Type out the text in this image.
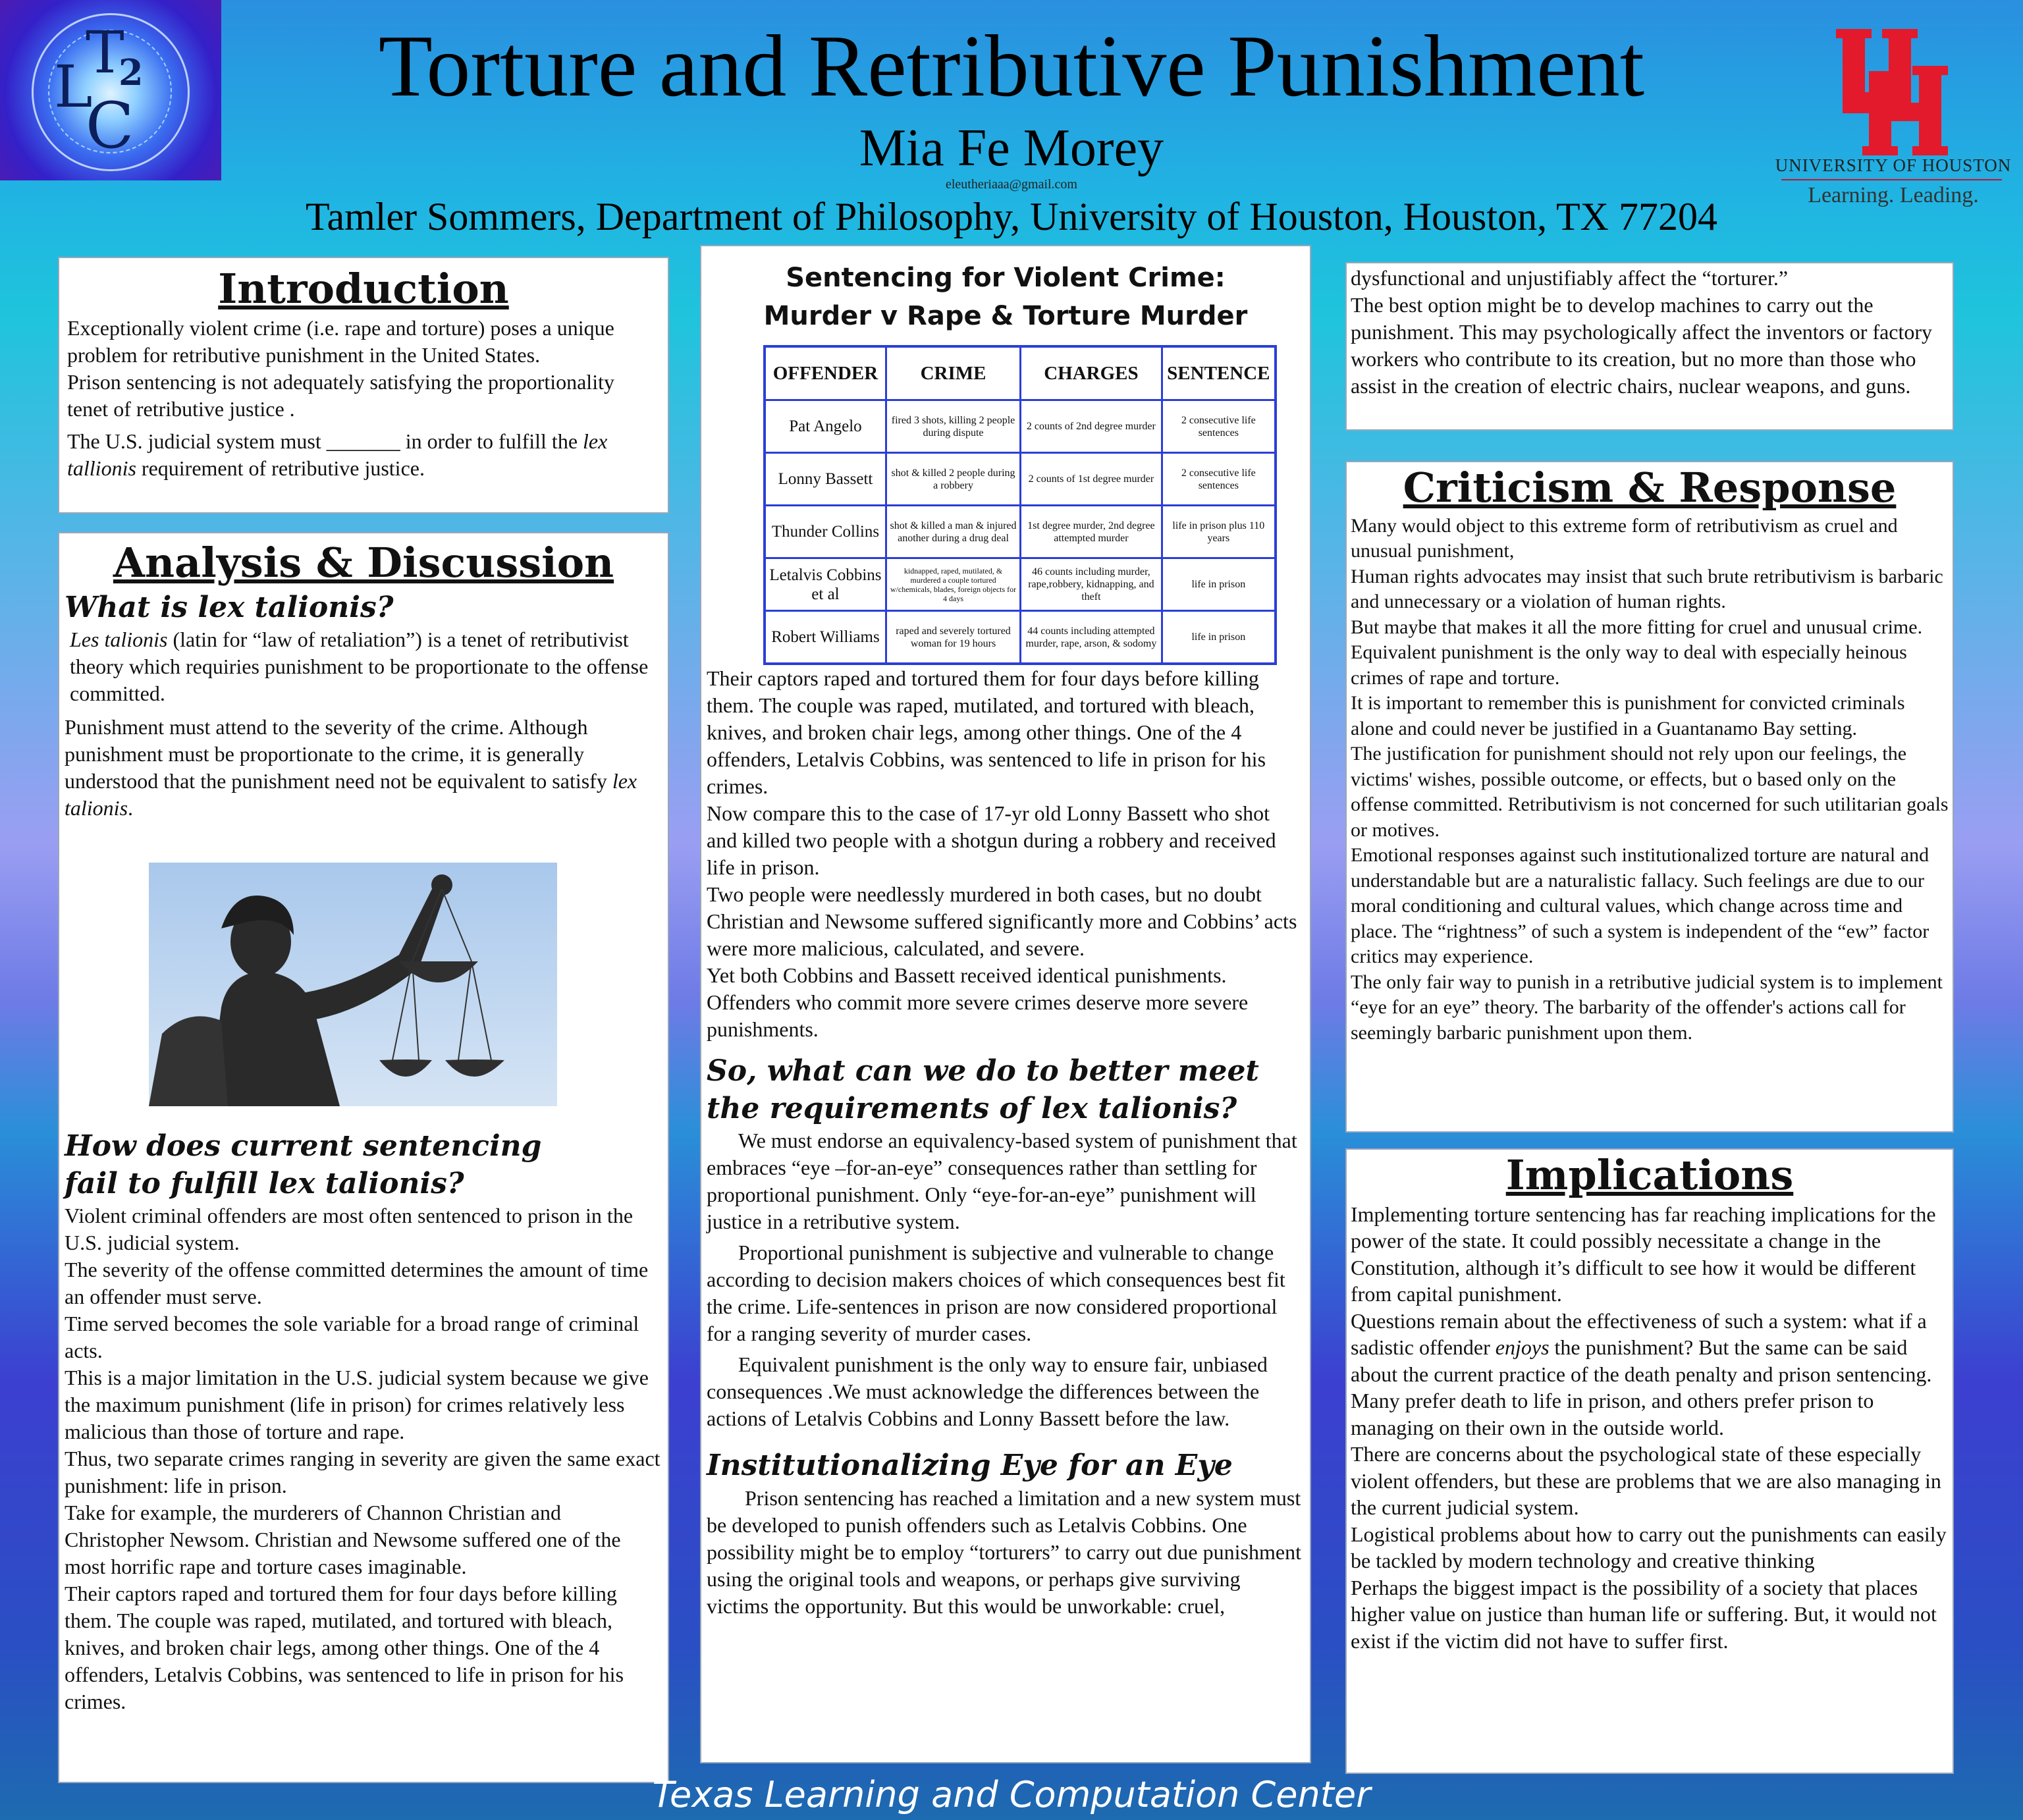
T
2
L
C
Torture and Retributive Punishment
Mia Fe Morey
eleutheriaaa@gmail.com
Tamler Sommers, Department of Philosophy, University of Houston, Houston, TX 77204
UNIVERSITY OF HOUSTON
Learning. Leading.
Introduction

Exceptionally violent crime (i.e. rape and torture) poses a unique problem for retributive punishment in the United States.

Prison sentencing is not adequately satisfying the proportionality tenet of retributive justice .

The U.S. judicial system must _______ in order to fulfill the lex tallionis requirement of retributive justice.

Analysis & Discussion
What is lex talionis?

Les talionis (latin for “law of retaliation”) is a tenet of retributivist theory which requiries punishment to be proportionate to the offense committed.

Punishment must attend to the severity of the crime. Although punishment must be proportionate to the crime, it is generally understood that the punishment need not be equivalent to satisfy lex talionis.

How does current sentencing
fail to fulfill lex talionis?

Violent criminal offenders are most often sentenced to prison in the U.S. judicial system.

The severity of the offense committed determines the amount of time an offender must serve.

Time served becomes the sole variable for a broad range of criminal acts.

This is a major limitation in the U.S. judicial system because we give the maximum punishment (life in prison) for crimes relatively less malicious than those of torture and rape.

Thus, two separate crimes ranging in severity are given the same exact punishment: life in prison.

Take for example, the murderers of Channon Christian and Christopher Newsom. Christian and Newsome suffered one of the most horrific rape and torture cases imaginable.

Their captors raped and tortured them for four days before killing them. The couple was raped, mutilated, and tortured with bleach, knives, and broken chair legs, among other things. One of the 4 offenders, Letalvis Cobbins, was sentenced to life in prison for his crimes.

Sentencing for Violent Crime:
Murder v Rape & Torture Murder
OFFENDER	CRIME	CHARGES	SENTENCE
Pat Angelo	fired 3 shots, killing 2 people during dispute	2 counts of 2nd degree murder	2 consecutive life sentences
Lonny Bassett	shot & killed 2 people during a robbery	2 counts of 1st degree murder	2 consecutive life sentences
Thunder Collins	shot & killed a man & injured another during a drug deal	1st degree murder, 2nd degree attempted murder	life in prison plus 110 years
Letalvis Cobbins et al	kidnapped, raped, mutilated, & murdered a couple tortured w/chemicals, blades, foreign objects for 4 days	46 counts including murder, rape,robbery, kidnapping, and theft	life in prison
Robert Williams	raped and severely tortured woman for 19 hours	44 counts including attempted murder, rape, arson, & sodomy	life in prison

Their captors raped and tortured them for four days before killing them. The couple was raped, mutilated, and tortured with bleach, knives, and broken chair legs, among other things. One of the 4 offenders, Letalvis Cobbins, was sentenced to life in prison for his crimes.

Now compare this to the case of 17-yr old Lonny Bassett who shot and killed two people with a shotgun during a robbery and received life in prison.

Two people were needlessly murdered in both cases, but no doubt Christian and Newsome suffered significantly more and Cobbins’ acts were more malicious, calculated, and severe.

Yet both Cobbins and Bassett received identical punishments. Offenders who commit more severe crimes deserve more severe punishments.

So, what can we do to better meet
the requirements of lex talionis?

We must endorse an equivalency-based system of punishment that embraces “eye –for-an-eye” consequences rather than settling for proportional punishment. Only “eye-for-an-eye” punishment will justice in a retributive system.

Proportional punishment is subjective and vulnerable to change according to decision makers choices of which consequences best fit the crime. Life-sentences in prison are now considered proportional for a ranging severity of murder cases.

Equivalent punishment is the only way to ensure fair, unbiased consequences .We must acknowledge the differences between the actions of Letalvis Cobbins and Lonny Bassett before the law.

Institutionalizing Eye for an Eye

Prison sentencing has reached a limitation and a new system must be developed to punish offenders such as Letalvis Cobbins. One possibility might be to employ “torturers” to carry out due punishment using the original tools and weapons, or perhaps give surviving victims the opportunity. But this would be unworkable: cruel,

dysfunctional and unjustifiably affect the “torturer.”

The best option might be to develop machines to carry out the punishment. This may psychologically affect the inventors or factory workers who contribute to its creation, but no more than those who assist in the creation of electric chairs, nuclear weapons, and guns.

Criticism & Response

Many would object to this extreme form of retributivism as cruel and unusual punishment,

Human rights advocates may insist that such brute retributivism is barbaric and unnecessary or a violation of human rights.

But maybe that makes it all the more fitting for cruel and unusual crime. Equivalent punishment is the only way to deal with especially heinous crimes of rape and torture.

It is important to remember this is punishment for convicted criminals alone and could never be justified in a Guantanamo Bay setting.

The justification for punishment should not rely upon our feelings, the victims' wishes, possible outcome, or effects, but o based only on the offense committed. Retributivism is not concerned for such utilitarian goals or motives.

Emotional responses against such institutionalized torture are natural and understandable but are a naturalistic fallacy. Such feelings are due to our moral conditioning and cultural values, which change across time and place. The “rightness” of such a system is independent of the “ew” factor critics may experience.

The only fair way to punish in a retributive judicial system is to implement “eye for an eye” theory. The barbarity of the offender's actions call for seemingly barbaric punishment upon them.

Implications

Implementing torture sentencing has far reaching implications for the power of the state. It could possibly necessitate a change in the Constitution, although it’s difficult to see how it would be different from capital punishment.

Questions remain about the effectiveness of such a system: what if a sadistic offender enjoys the punishment? But the same can be said about the current practice of the death penalty and prison sentencing. Many prefer death to life in prison, and others prefer prison to managing on their own in the outside world.

There are concerns about the psychological state of these especially violent offenders, but these are problems that we are also managing in the current judicial system.

Logistical problems about how to carry out the punishments can easily be tackled by modern technology and creative thinking

Perhaps the biggest impact is the possibility of a society that places higher value on justice than human life or suffering. But, it would not exist if the victim did not have to suffer first.

Texas Learning and Computation Center
